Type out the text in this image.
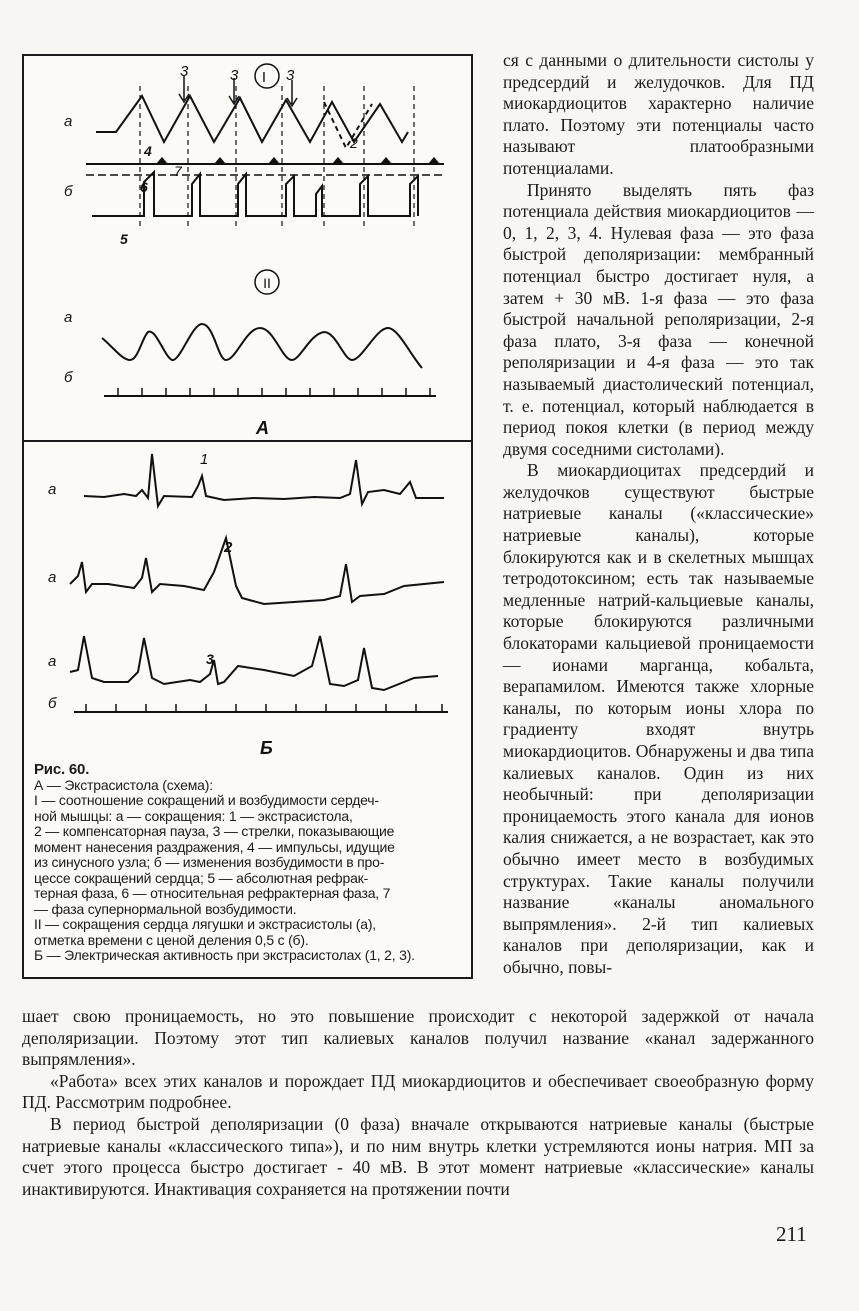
I
3	3	3
4
7
6
5
2
а
б
II
а
б
А
1
2
3
а
а
а
б
Б
Рис. 60.
А — Экстрасистола (схема):
I — соотношение сокращений и возбудимости сердеч-
ной мышцы: а — сокращения: 1 — экстрасистола,
2 — компенсаторная пауза, 3 — стрелки, показывающие
момент нанесения раздражения, 4 — импульсы, идущие
из синусного узла; б — изменения возбудимости в про-
цессе сокращений сердца; 5 — абсолютная рефрак-
терная фаза, 6 — относительная рефрактерная фаза, 7
— фаза супернормальной возбудимости.
II — сокращения сердца лягушки и экстрасистолы (а),
отметка времени с ценой деления 0,5 с (б).
Б — Электрическая активность при экстрасистолах (1, 2, 3).

ся с данными о длительности систолы у предсердий и желудочков. Для ПД миокардиоцитов характерно наличие плато. Поэтому эти потенциалы часто называют платообразными потенциалами.

Принято выделять пять фаз потенциала действия миокардиоцитов — 0, 1, 2, 3, 4. Нулевая фаза — это фаза быстрой деполяризации: мембранный потенциал быстро достигает нуля, а затем + 30 мВ. 1-я фаза — это фаза быстрой начальной реполяризации, 2-я фаза плато, 3-я фаза — конечной реполяризации и 4-я фаза — это так называемый диастолический потенциал, т. е. потенциал, который наблюдается в период покоя клетки (в период между двумя соседними систолами).

В миокардиоцитах предсердий и желудочков существуют быстрые натриевые каналы («классические» натриевые каналы), которые блокируются как и в скелетных мышцах тетродотоксином; есть так называемые медленные натрий-кальциевые каналы, которые блокируются различными блокаторами кальциевой проницаемости — ионами марганца, кобальта, верапамилом. Имеются также хлорные каналы, по которым ионы хлора по градиенту входят внутрь миокардиоцитов. Обнаружены и два типа калиевых каналов. Один из них необычный: при деполяризации проницаемость этого канала для ионов калия снижается, а не возрастает, как это обычно имеет место в возбудимых структурах. Такие каналы получили название «каналы аномального выпрямления». 2-й тип калиевых каналов при деполяризации, как и обычно, повы-

шает свою проницаемость, но это повышение происходит с некоторой задержкой от начала деполяризации. Поэтому этот тип калиевых каналов получил название «канал задержанного выпрямления».

«Работа» всех этих каналов и порождает ПД миокардиоцитов и обеспечивает своеобразную форму ПД. Рассмотрим подробнее.

В период быстрой деполяризации (0 фаза) вначале открываются натриевые каналы (быстрые натриевые каналы «классического типа»), и по ним внутрь клетки устремляются ионы натрия. МП за счет этого процесса быстро достигает - 40 мВ. В этот момент натриевые «классические» каналы инактивируются. Инактивация сохраняется на протяжении почти

211
